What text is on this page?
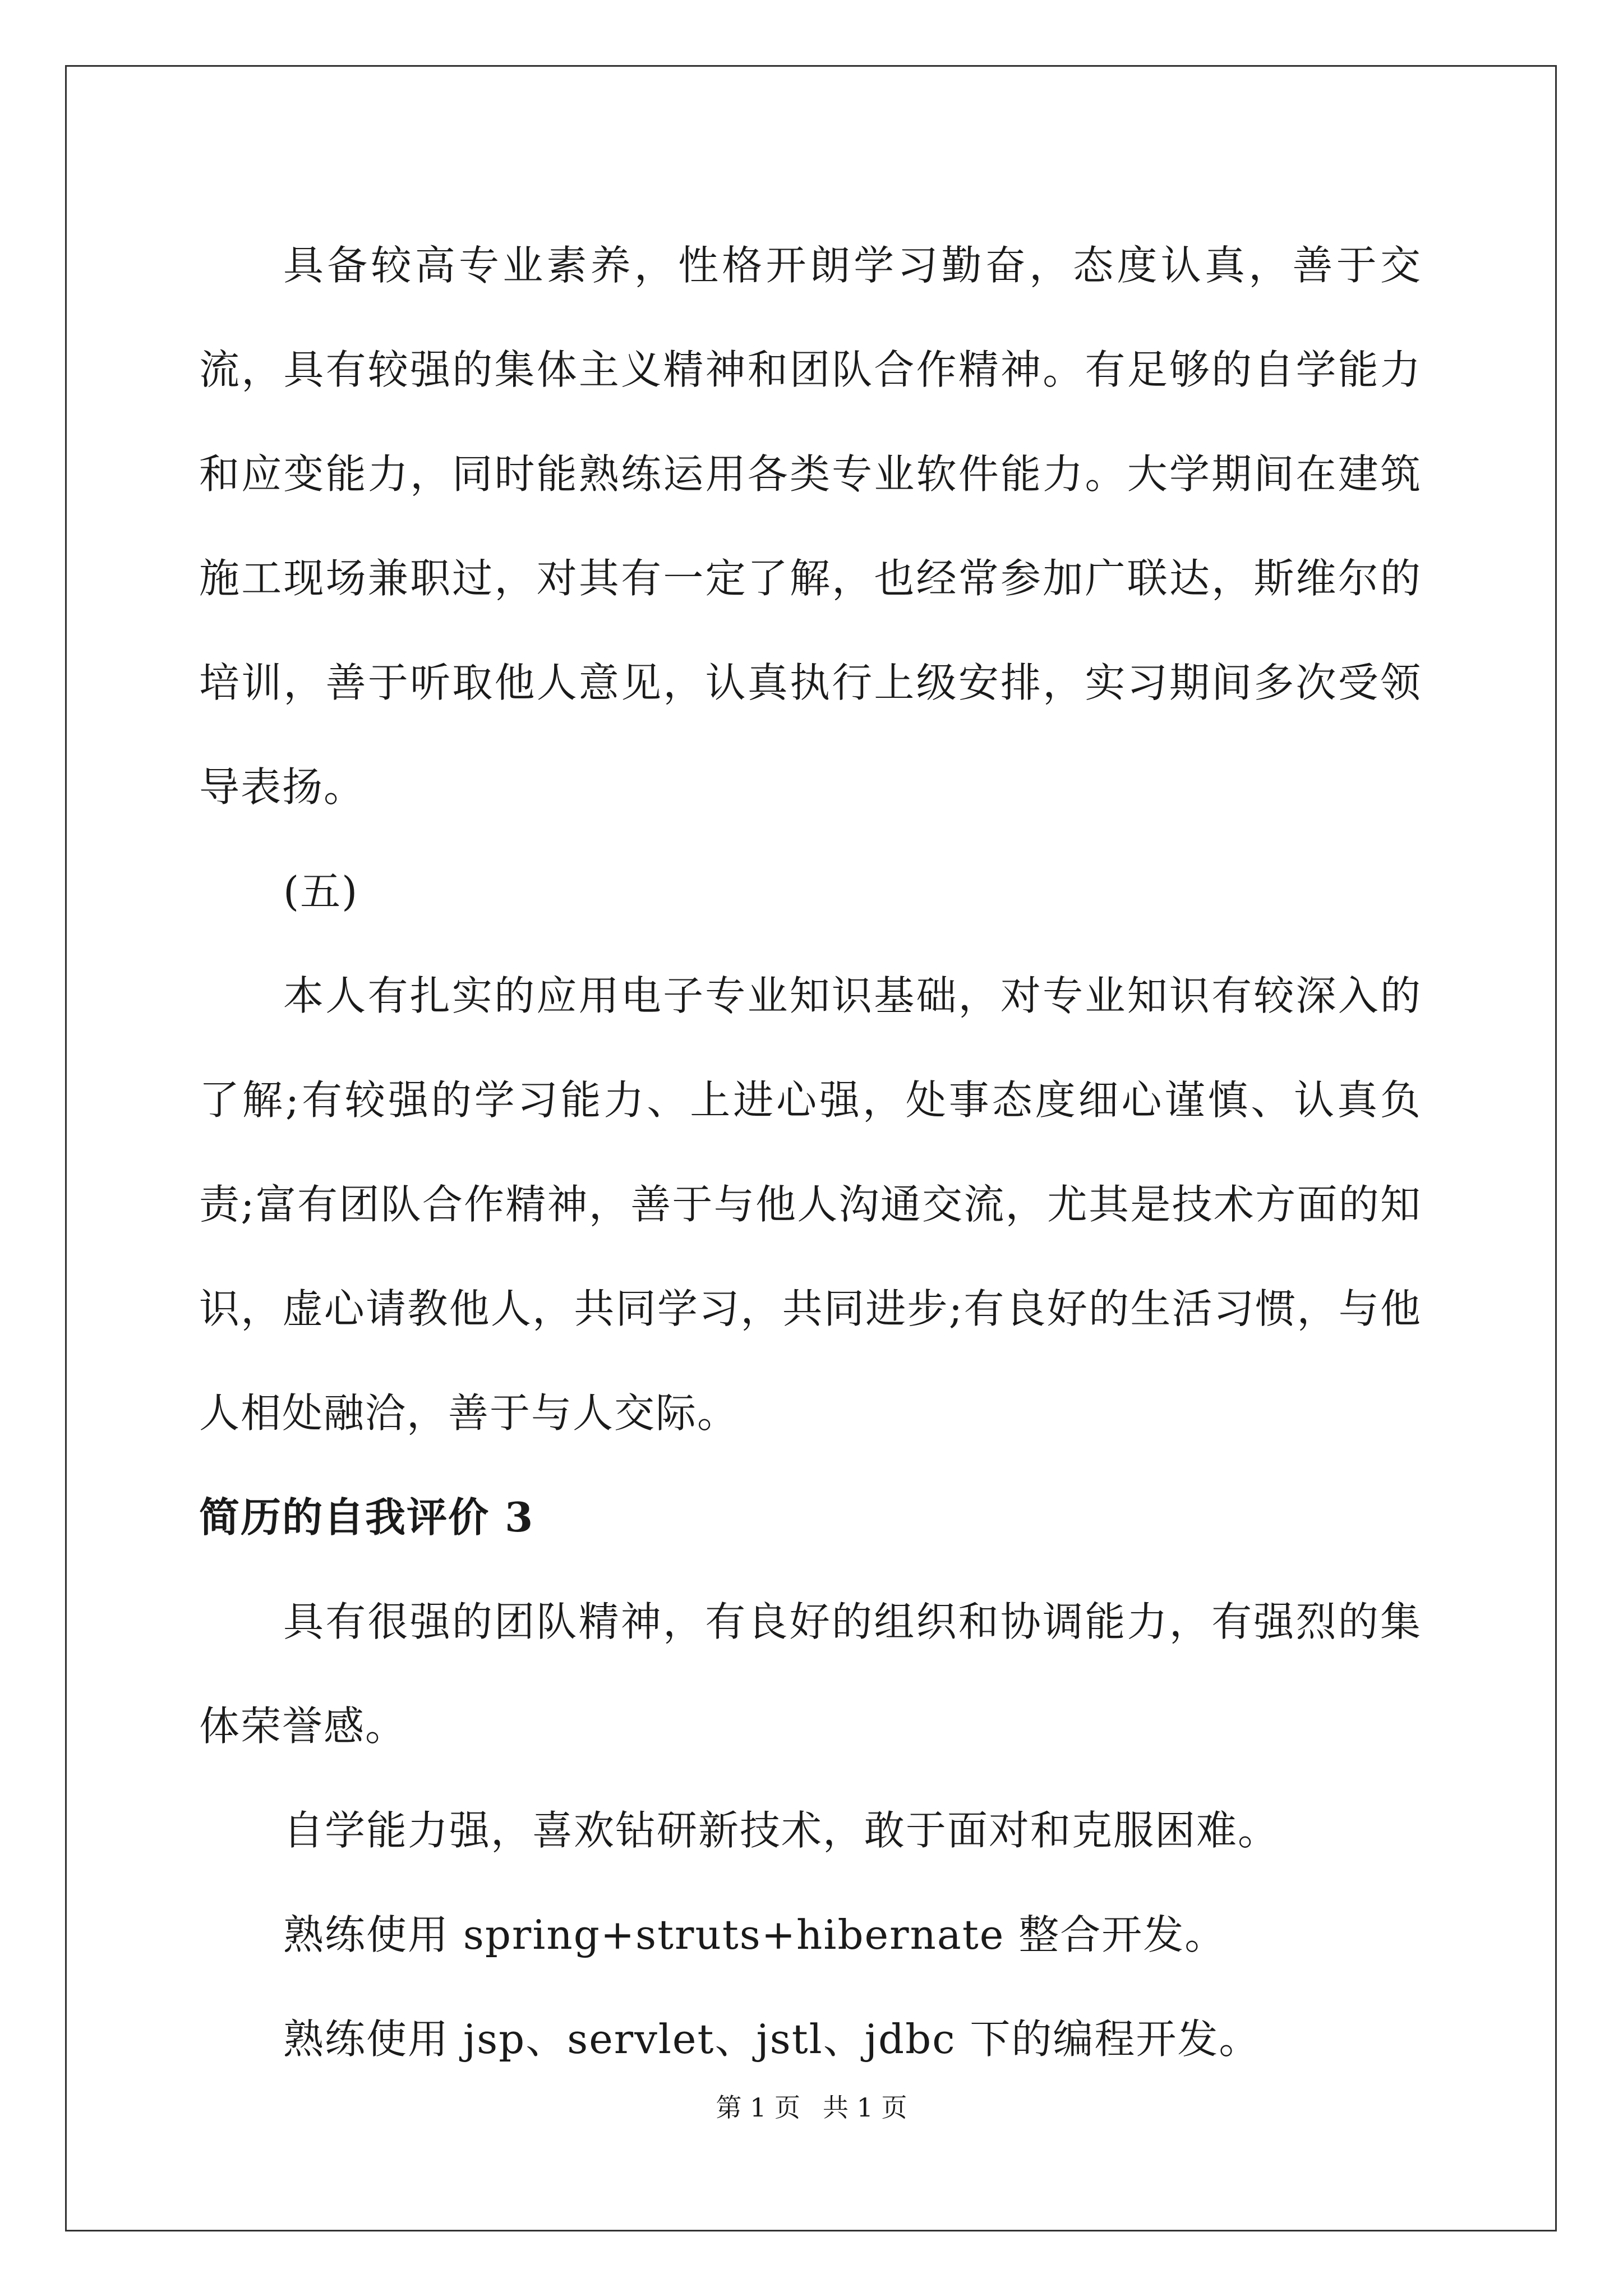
具备较高专业素养，性格开朗学习勤奋，态度认真，善于交流，具有较强的集体主义精神和团队合作精神。有足够的自学能力和应变能力，同时能熟练运用各类专业软件能力。大学期间在建筑施工现场兼职过，对其有一定了解，也经常参加广联达，斯维尔的培训，善于听取他人意见，认真执行上级安排，实习期间多次受领导表扬。

(五)

本人有扎实的应用电子专业知识基础，对专业知识有较深入的了解;有较强的学习能力、上进心强，处事态度细心谨慎、认真负责;富有团队合作精神，善于与他人沟通交流，尤其是技术方面的知识，虚心请教他人，共同学习，共同进步;有良好的生活习惯，与他人相处融洽，善于与人交际。

简历的自我评价 3

具有很强的团队精神，有良好的组织和协调能力，有强烈的集体荣誉感。

自学能力强，喜欢钻研新技术，敢于面对和克服困难。

熟练使用 spring+struts+hibernate 整合开发。

熟练使用 jsp、servlet、jstl、jdbc 下的编程开发。

第 1 页 共 1 页
